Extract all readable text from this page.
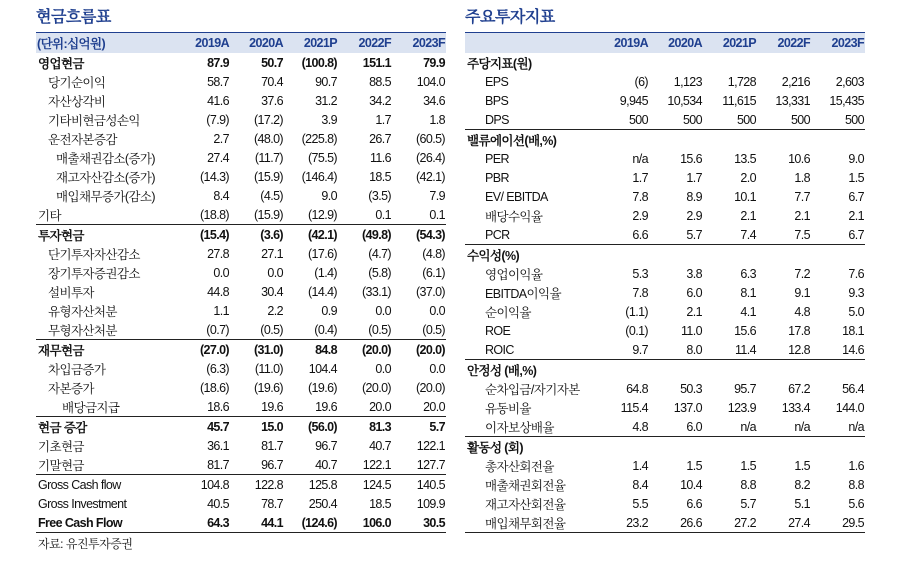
현금흐름표
(단위:십억원)	2019A	2020A	2021P	2022F	2023F
영업현금	87.9	50.7	(100.8)	151.1	79.9
당기순이익	58.7	70.4	90.7	88.5	104.0
자산상각비	41.6	37.6	31.2	34.2	34.6
기타비현금성손익	(7.9)	(17.2)	3.9	1.7	1.8
운전자본증감	2.7	(48.0)	(225.8)	26.7	(60.5)
매출채권감소(증가)	27.4	(11.7)	(75.5)	11.6	(26.4)
재고자산감소(증가)	(14.3)	(15.9)	(146.4)	18.5	(42.1)
매입채무증가(감소)	8.4	(4.5)	9.0	(3.5)	7.9
기타	(18.8)	(15.9)	(12.9)	0.1	0.1
투자현금	(15.4)	(3.6)	(42.1)	(49.8)	(54.3)
단기투자자산감소	27.8	27.1	(17.6)	(4.7)	(4.8)
장기투자증권감소	0.0	0.0	(1.4)	(5.8)	(6.1)
설비투자	44.8	30.4	(14.4)	(33.1)	(37.0)
유형자산처분	1.1	2.2	0.9	0.0	0.0
무형자산처분	(0.7)	(0.5)	(0.4)	(0.5)	(0.5)
재무현금	(27.0)	(31.0)	84.8	(20.0)	(20.0)
차입금증가	(6.3)	(11.0)	104.4	0.0	0.0
자본증가	(18.6)	(19.6)	(19.6)	(20.0)	(20.0)
배당금지급	18.6	19.6	19.6	20.0	20.0
현금 증감	45.7	15.0	(56.0)	81.3	5.7
기초현금	36.1	81.7	96.7	40.7	122.1
기말현금	81.7	96.7	40.7	122.1	127.7
Gross Cash flow	104.8	122.8	125.8	124.5	140.5
Gross Investment	40.5	78.7	250.4	18.5	109.9
Free Cash Flow	64.3	44.1	(124.6)	106.0	30.5
자료: 유진투자증권
주요투자지표
	2019A	2020A	2021P	2022F	2023F
주당지표(원)					
EPS	(6)	1,123	1,728	2,216	2,603
BPS	9,945	10,534	11,615	13,331	15,435
DPS	500	500	500	500	500
밸류에이션(배,%)					
PER	n/a	15.6	13.5	10.6	9.0
PBR	1.7	1.7	2.0	1.8	1.5
EV/ EBITDA	7.8	8.9	10.1	7.7	6.7
배당수익율	2.9	2.9	2.1	2.1	2.1
PCR	6.6	5.7	7.4	7.5	6.7
수익성(%)					
영업이익율	5.3	3.8	6.3	7.2	7.6
EBITDA이익율	7.8	6.0	8.1	9.1	9.3
순이익율	(1.1)	2.1	4.1	4.8	5.0
ROE	(0.1)	11.0	15.6	17.8	18.1
ROIC	9.7	8.0	11.4	12.8	14.6
안정성 (배,%)					
순차입금/자기자본	64.8	50.3	95.7	67.2	56.4
유동비율	115.4	137.0	123.9	133.4	144.0
이자보상배율	4.8	6.0	n/a	n/a	n/a
활동성 (회)					
총자산회전율	1.4	1.5	1.5	1.5	1.6
매출채권회전율	8.4	10.4	8.8	8.2	8.8
재고자산회전율	5.5	6.6	5.7	5.1	5.6
매입채무회전율	23.2	26.6	27.2	27.4	29.5
